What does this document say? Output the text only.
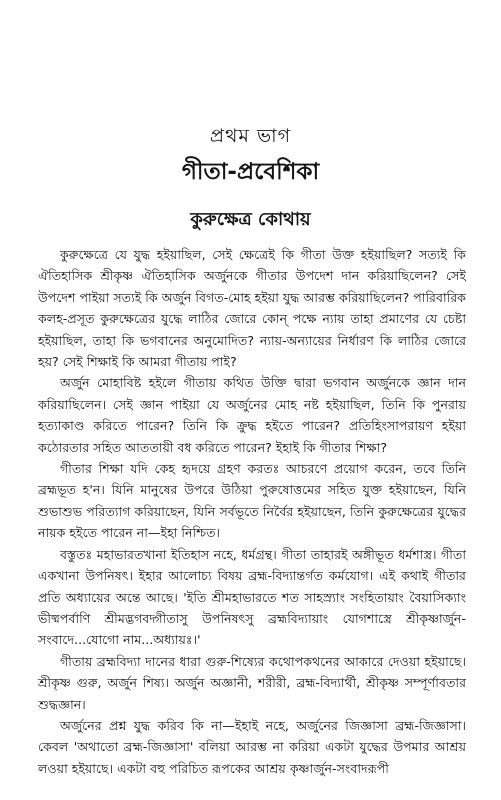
প্রথম ভাগ
গীতা-প্রবেশিকা
কুরুক্ষেত্র কোথায়

কুরুক্ষেত্রে যে যুদ্ধ হইয়াছিল, সেই ক্ষেত্রেই কি গীতা উক্ত হইয়াছিল? সত্যই কি ঐতিহাসিক শ্রীকৃষ্ণ ঐতিহাসিক অর্জুনকে গীতার উপদেশ দান করিয়াছিলেন? সেই উপদেশ পাইয়া সত্যই কি অর্জুন বিগত-মোহ হইয়া যুদ্ধ আরম্ভ করিয়াছিলেন? পারিবারিক কলহ-প্রসূত কুরুক্ষেত্রের যুদ্ধে লাঠির জোরে কোন্ পক্ষে ন্যায় তাহা প্রমাণের যে চেষ্টা হইয়াছিল, তাহা কি ভগবানের অনুমোদিত? ন্যায়-অন্যায়ের নির্ধারণ কি লাঠির জোরে হয়? সেই শিক্ষাই কি আমরা গীতায় পাই?

অর্জুন মোহাবিষ্ট হইলে গীতায় কথিত উক্তি দ্বারা ভগবান অর্জুনকে জ্ঞান দান করিয়াছিলেন। সেই জ্ঞান পাইয়া যে অর্জুনের মোহ নষ্ট হইয়াছিল, তিনি কি পুনরায় হত্যাকাণ্ড করিতে পারেন? তিনি কি ক্রুদ্ধ হইতে পারেন? প্রতিহিংসাপরায়ণ হইয়া কঠোরতার সহিত আততায়ী বধ করিতে পারেন? ইহাই কি গীতার শিক্ষা?

গীতার শিক্ষা যদি কেহ হৃদয়ে গ্রহণ করতঃ আচরণে প্রয়োগ করেন, তবে তিনি ব্রহ্মভূত হ'ন। যিনি মানুষের উপরে উঠিয়া পুরুষোত্তমের সহিত যুক্ত হইয়াছেন, যিনি শুভাশুভ পরিত্যাগ করিয়াছেন, যিনি সর্বভূতে নির্বৈর হইয়াছেন, তিনি কুরুক্ষেত্রের যুদ্ধের নায়ক হইতে পারেন না—ইহা নিশ্চিত।

বস্তুতঃ মহাভারতখানা ইতিহাস নহে, ধর্মগ্রন্থ। গীতা তাহারই অঙ্গীভূত ধর্মশাস্ত্র। গীতা একখানা উপনিষৎ। ইহার আলোচ্য বিষয় ব্রহ্ম-বিদ্যান্তর্গত কর্মযোগ। এই কথাই গীতার প্রতি অধ্যায়ের অন্তে আছে। 'ইতি শ্রীমহাভারতে শত সাহস্র্যাং সংহিতায়াং বৈয়াসিক্যাং ভীষ্মপর্বাণি শ্রীমদ্ভগবদ্গীতাসু উপনিষৎসু ব্রহ্মবিদ্যায়াং যোগশাস্ত্রে শ্রীকৃষ্ণার্জুন-সংবাদে...যোগো নাম...অধ্যায়ঃ।'

গীতায় ব্রহ্মবিদ্যা দানের ধারা গুরু-শিষ্যের কথোপকথনের আকারে দেওয়া হইয়াছে। শ্রীকৃষ্ণ গুরু, অর্জুন শিষ্য। অর্জুন অজ্ঞানী, শরীরী, ব্রহ্ম-বিদ্যার্থী, শ্রীকৃষ্ণ সম্পূর্ণাবতার শুদ্ধজ্ঞান।

অর্জুনের প্রশ্ন যুদ্ধ করিব কি না—ইহাই নহে, অর্জুনের জিজ্ঞাসা ব্রহ্ম-জিজ্ঞাসা। কেবল 'অথাতো ব্রহ্ম-জিজ্ঞাসা' বলিয়া আরম্ভ না করিয়া একটা যুদ্ধের উপমার আশ্রয় লওয়া হইয়াছে। একটা বহু পরিচিত রূপকের আশ্রয় কৃষ্ণার্জুন-সংবাদরূপী
